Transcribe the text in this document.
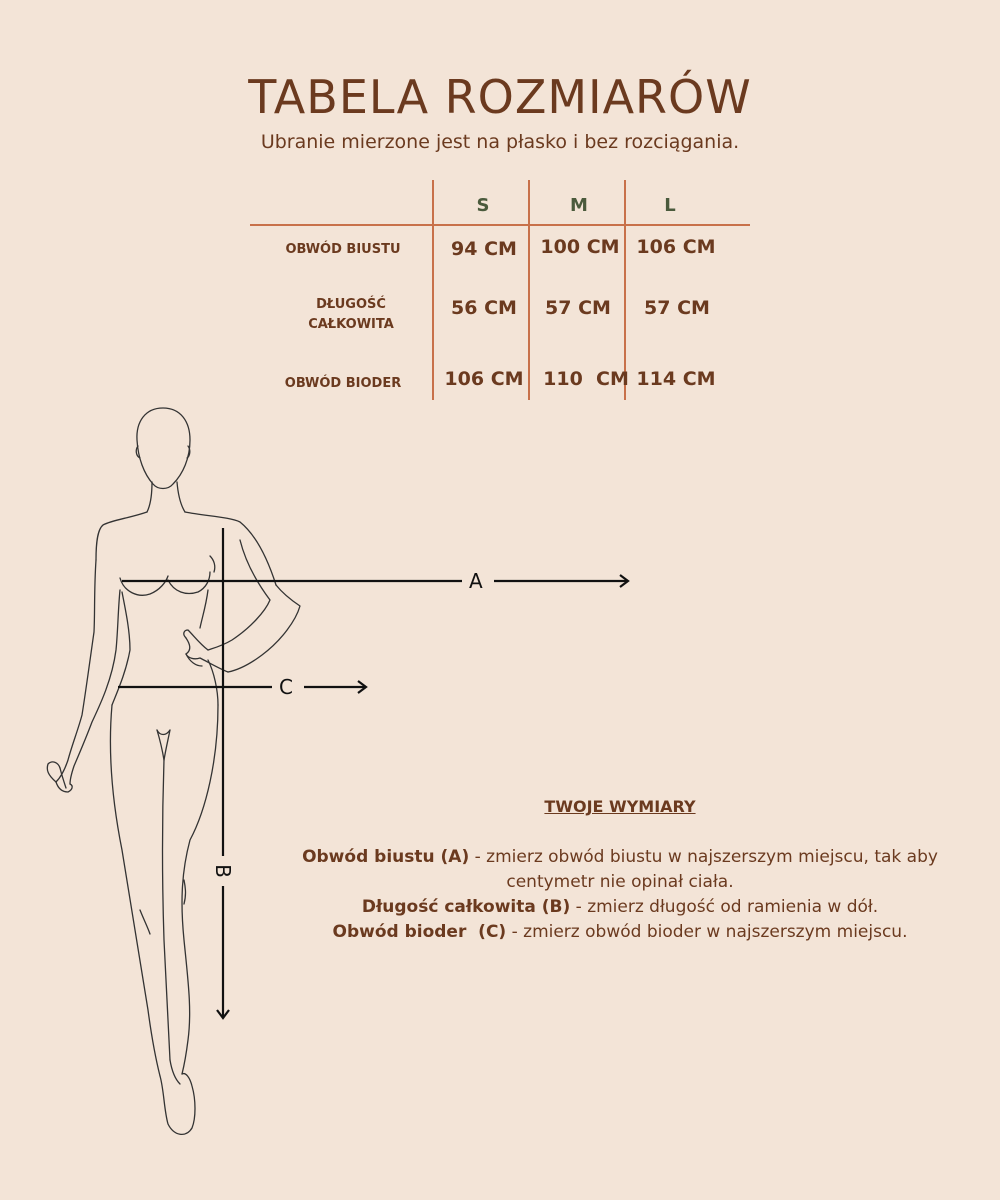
TABELA ROZMIARÓW
Ubranie mierzone jest na płasko i bez rozciągania.
S	M	L
OBWÓD BIUSTU	94 CM	100 CM 106 CM
DŁUGOŚĆ
CAŁKOWITA
56 CM	57 CM	57 CM
OBWÓD BIODER	106 CM	110  CM 114 CM
A
C
B
TWOJE WYMIARY
Obwód biustu (A) - zmierz obwód biustu w najszerszym miejscu, tak aby centymetr nie opinał ciała.
Długość całkowita (B) - zmierz długość od ramienia w dół.
Obwód bioder  (C) - zmierz obwód bioder w najszerszym miejscu.
